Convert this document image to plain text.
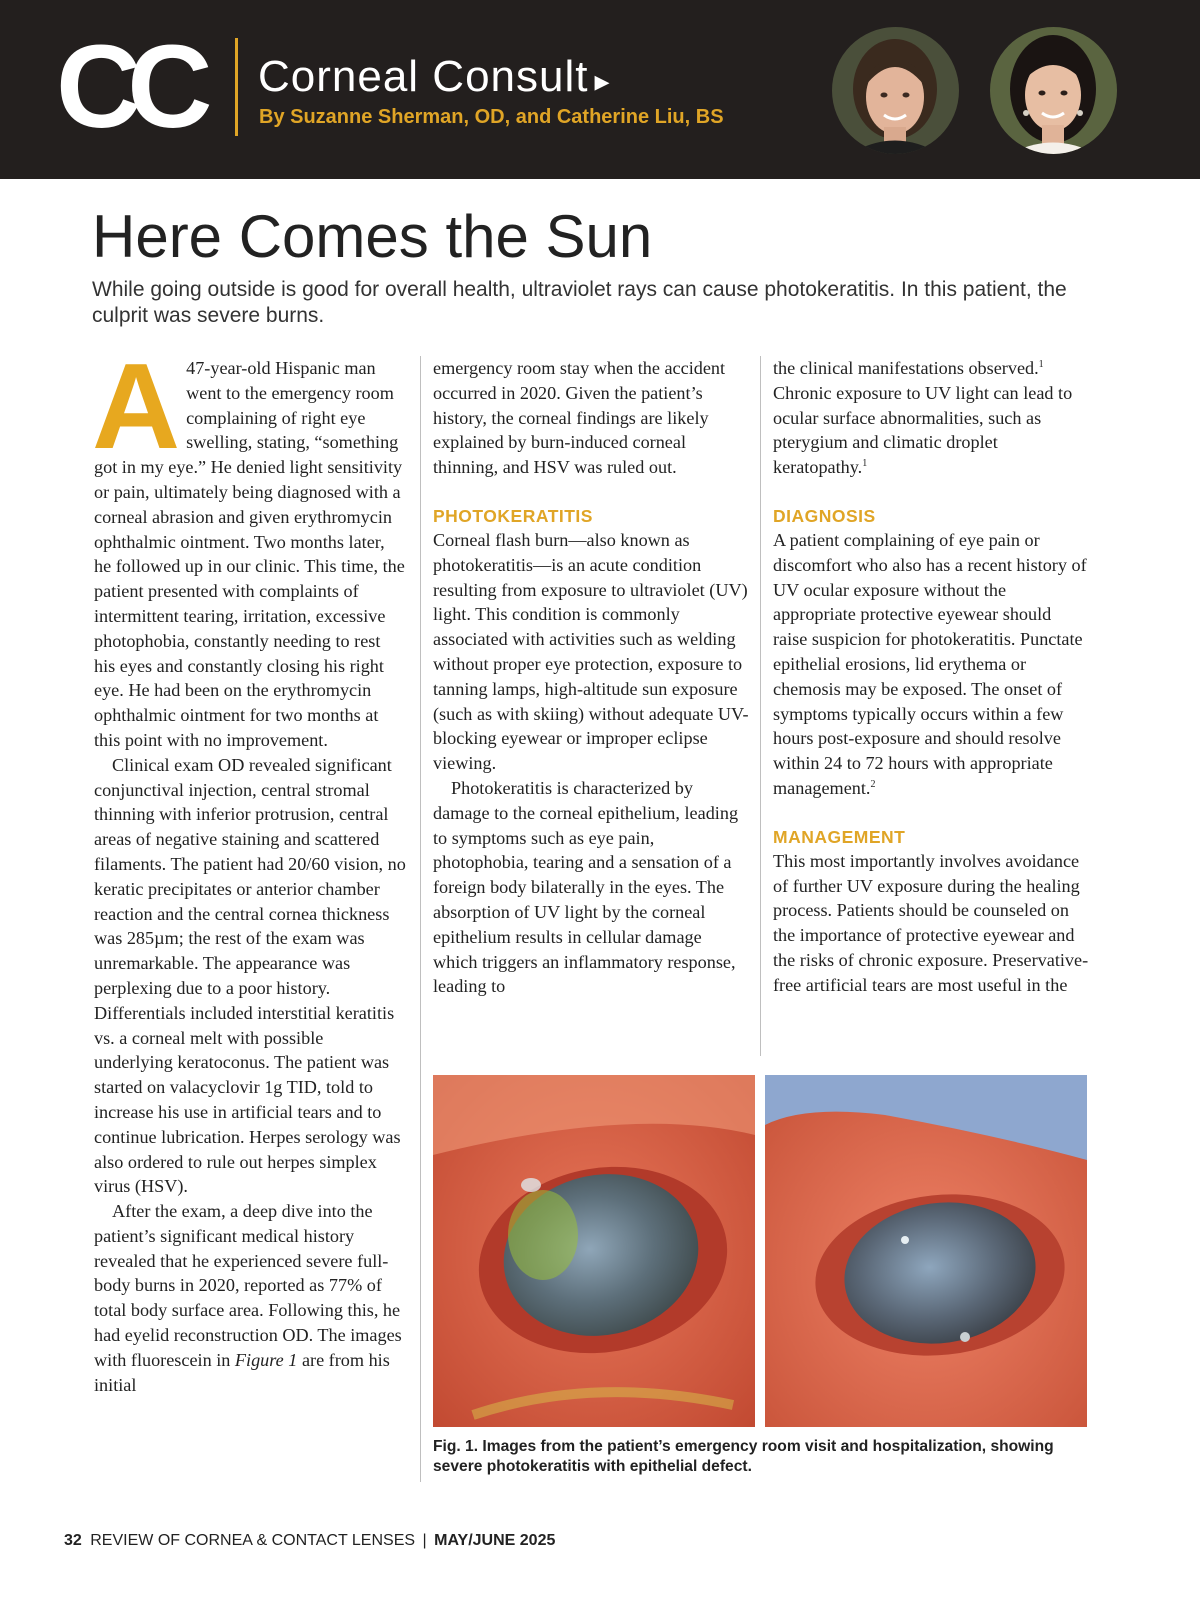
CC Corneal Consult ▸
By Suzanne Sherman, OD, and Catherine Liu, BS
Here Comes the Sun

While going outside is good for overall health, ultraviolet rays can cause photokeratitis. In this patient, the culprit was severe burns.

A 47-year-old Hispanic man went to the emergency room complaining of right eye swelling, stating, “something got in my eye.” He denied light sensitivity or pain, ultimately being diagnosed with a corneal abrasion and given erythromycin ophthalmic ointment. Two months later, he followed up in our clinic. This time, the patient presented with complaints of intermittent tearing, irritation, excessive photophobia, constantly needing to rest his eyes and constantly closing his right eye. He had been on the erythromycin ophthalmic ointment for two months at this point with no improvement.

Clinical exam OD revealed significant conjunctival injection, central stromal thinning with inferior protrusion, central areas of negative staining and scattered filaments. The patient had 20/60 vision, no keratic precipitates or anterior chamber reaction and the central cornea thickness was 285µm; the rest of the exam was unremarkable. The appearance was perplexing due to a poor history. Differentials included interstitial keratitis vs. a corneal melt with possible underlying keratoconus. The patient was started on valacyclovir 1g TID, told to increase his use in artificial tears and to continue lubrication. Herpes serology was also ordered to rule out herpes simplex virus (HSV).

After the exam, a deep dive into the patient’s significant medical history revealed that he experienced severe full-body burns in 2020, reported as 77% of total body surface area. Following this, he had eyelid reconstruction OD. The images with fluorescein in Figure 1 are from his initial

emergency room stay when the accident occurred in 2020. Given the patient’s history, the corneal findings are likely explained by burn-induced corneal thinning, and HSV was ruled out.

PHOTOKERATITIS

Corneal flash burn—also known as photokeratitis—is an acute condition resulting from exposure to ultraviolet (UV) light. This condition is commonly associated with activities such as welding without proper eye protection, exposure to tanning lamps, high-altitude sun exposure (such as with skiing) without adequate UV-blocking eyewear or improper eclipse viewing.

Photokeratitis is characterized by damage to the corneal epithelium, leading to symptoms such as eye pain, photophobia, tearing and a sensation of a foreign body bilaterally in the eyes. The absorption of UV light by the corneal epithelium results in cellular damage which triggers an inflammatory response, leading to

the clinical manifestations observed.$^1$ Chronic exposure to UV light can lead to ocular surface abnormalities, such as pterygium and climatic droplet keratopathy.$^1$

DIAGNOSIS

A patient complaining of eye pain or discomfort who also has a recent history of UV ocular exposure without the appropriate protective eyewear should raise suspicion for photokeratitis. Punctate epithelial erosions, lid erythema or chemosis may be exposed. The onset of symptoms typically occurs within a few hours post-exposure and should resolve within 24 to 72 hours with appropriate management.$^2$

MANAGEMENT

This most importantly involves avoidance of further UV exposure during the healing process. Patients should be counseled on the importance of protective eyewear and the risks of chronic exposure. Preservative-free artificial tears are most useful in the

Fig. 1. Images from the patient’s emergency room visit and hospitalization, showing severe photokeratitis with epithelial defect.

32 REVIEW OF CORNEA & CONTACT LENSES | MAY/JUNE 2025
